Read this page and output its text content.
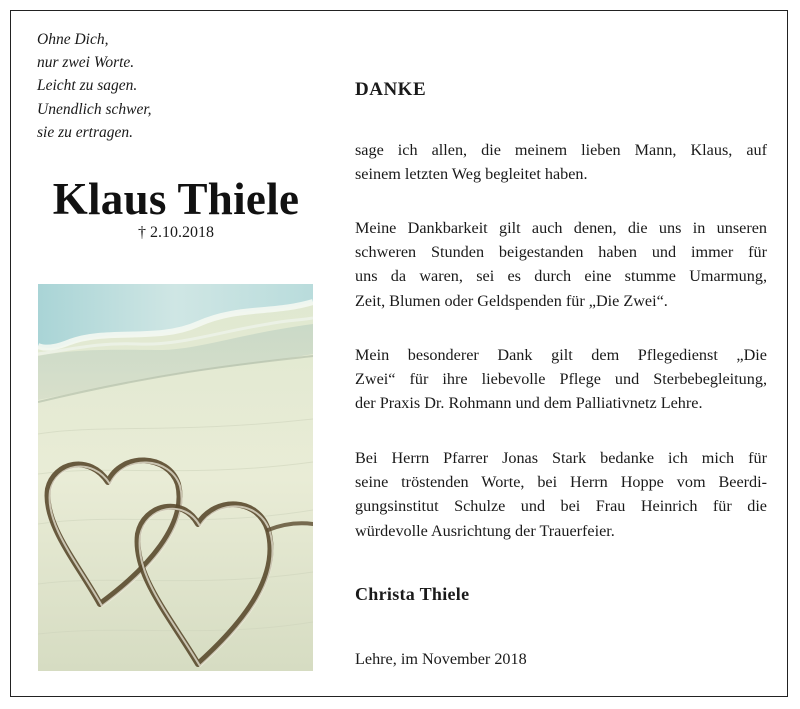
Ohne Dich,
nur zwei Worte.
Leicht zu sagen.
Unendlich schwer,
sie zu ertragen.
Klaus Thiele
† 2.10.2018
DANKE
sage ich allen, die meinem lieben Mann, Klaus, auf
seinem letzten Weg begleitet haben.
Meine Dankbarkeit gilt auch denen, die uns in unseren
schweren Stunden beigestanden haben und immer für
uns da waren, sei es durch eine stumme Umarmung,
Zeit, Blumen oder Geldspenden für „Die Zwei“.
Mein besonderer Dank gilt dem Pflegedienst „Die
Zwei“ für ihre liebevolle Pflege und Sterbebegleitung,
der Praxis Dr. Rohmann und dem Palliativnetz Lehre.
Bei Herrn Pfarrer Jonas Stark bedanke ich mich für
seine tröstenden Worte, bei Herrn Hoppe vom Beerdi-
gungsinstitut Schulze und bei Frau Heinrich für die
würdevolle Ausrichtung der Trauerfeier.
Christa Thiele
Lehre, im November 2018
